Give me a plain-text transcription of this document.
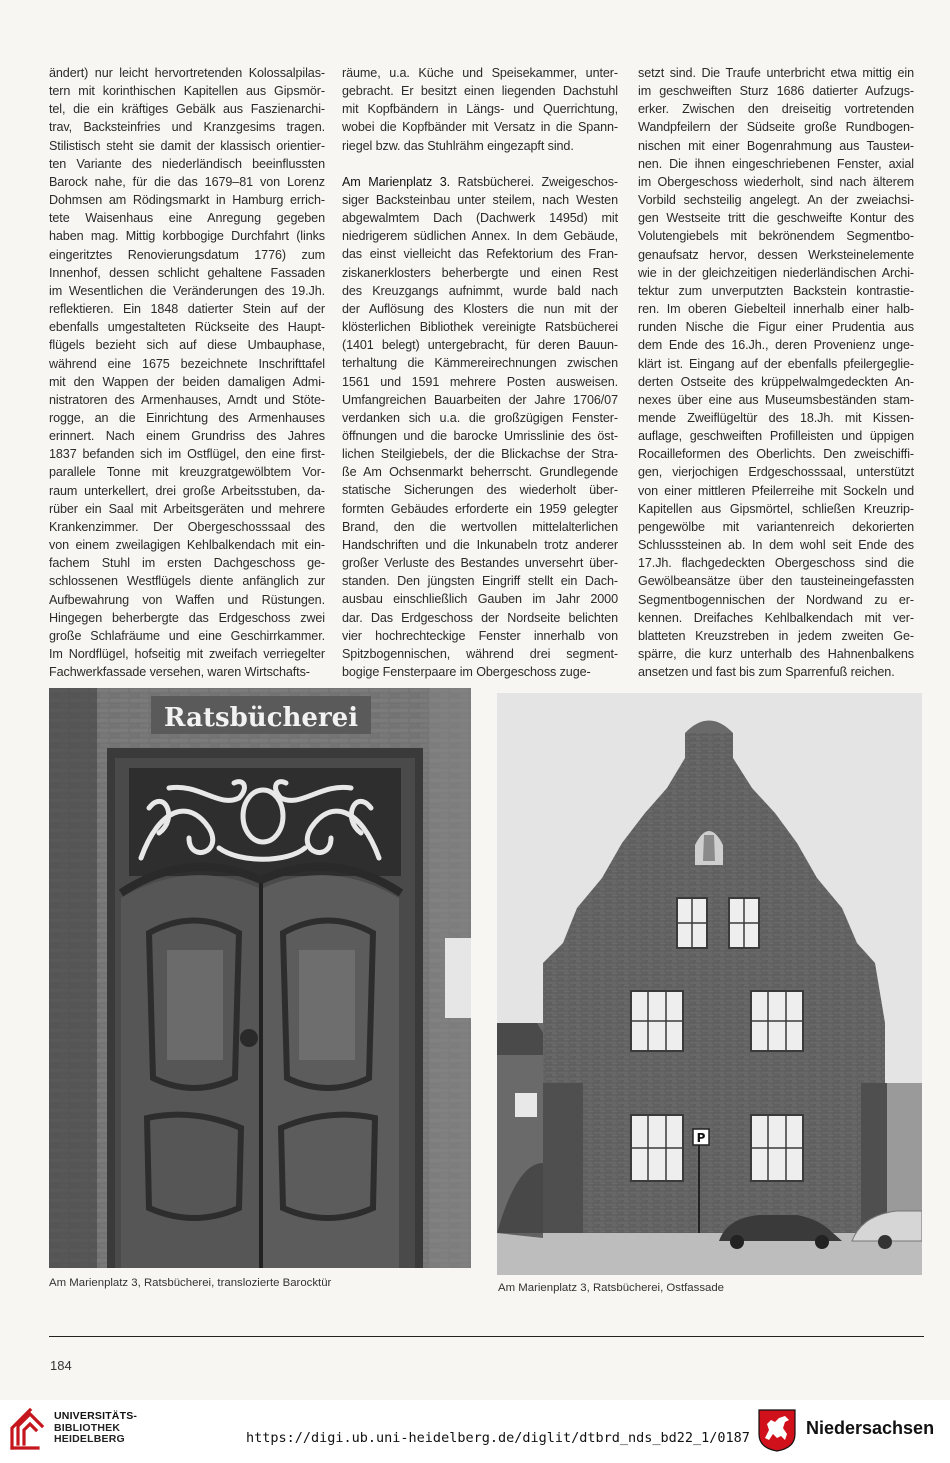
ändert) nur leicht hervortretenden Kolossalpilas-

tern mit korinthischen Kapitellen aus Gipsmör-

tel, die ein kräftiges Gebälk aus Faszienarchi-

trav, Backsteinfries und Kranzgesims tragen.

Stilistisch steht sie damit der klassisch orientier-

ten Variante des niederländisch beeinflussten

Barock nahe, für die das 1679–81 von Lorenz

Dohmsen am Rödingsmarkt in Hamburg errich-

tete Waisenhaus eine Anregung gegeben

haben mag. Mittig korbbogige Durchfahrt (links

eingeritztes Renovierungsdatum 1776) zum

Innenhof, dessen schlicht gehaltene Fassaden

im Wesentlichen die Veränderungen des 19.Jh.

reflektieren. Ein 1848 datierter Stein auf der

ebenfalls umgestalteten Rückseite des Haupt-

flügels bezieht sich auf diese Umbauphase,

während eine 1675 bezeichnete Inschrifttafel

mit den Wappen der beiden damaligen Admi-

nistratoren des Armenhauses, Arndt und Stöte-

rogge, an die Einrichtung des Armenhauses

erinnert. Nach einem Grundriss des Jahres

1837 befanden sich im Ostflügel, den eine first-

parallele Tonne mit kreuzgratgewölbtem Vor-

raum unterkellert, drei große Arbeitsstuben, da-

rüber ein Saal mit Arbeitsgeräten und mehrere

Krankenzimmer. Der Obergeschosssaal des

von einem zweilagigen Kehlbalkendach mit ein-

fachem Stuhl im ersten Dachgeschoss ge-

schlossenen Westflügels diente anfänglich zur

Aufbewahrung von Waffen und Rüstungen.

Hingegen beherbergte das Erdgeschoss zwei

große Schlafräume und eine Geschirrkammer.

Im Nordflügel, hofseitig mit zweifach verriegelter

Fachwerkfassade versehen, waren Wirtschafts-

räume, u.a. Küche und Speisekammer, unter-

gebracht. Er besitzt einen liegenden Dachstuhl

mit Kopfbändern in Längs- und Querrichtung,

wobei die Kopfbänder mit Versatz in die Spann-

riegel bzw. das Stuhlrähm eingezapft sind.

Am Marienplatz 3. Ratsbücherei. Zweigeschos-

siger Backsteinbau unter steilem, nach Westen

abgewalmtem Dach (Dachwerk 1495d) mit

niedrigerem südlichen Annex. In dem Gebäude,

das einst vielleicht das Refektorium des Fran-

ziskanerklosters beherbergte und einen Rest

des Kreuzgangs aufnimmt, wurde bald nach

der Auflösung des Klosters die nun mit der

klösterlichen Bibliothek vereinigte Ratsbücherei

(1401 belegt) untergebracht, für deren Bauun-

terhaltung die Kämmereirechnungen zwischen

1561 und 1591 mehrere Posten ausweisen.

Umfangreichen Bauarbeiten der Jahre 1706/07

verdanken sich u.a. die großzügigen Fenster-

öffnungen und die barocke Umrisslinie des öst-

lichen Steilgiebels, der die Blickachse der Stra-

ße Am Ochsenmarkt beherrscht. Grundlegende

statische Sicherungen des wiederholt über-

formten Gebäudes erforderte ein 1959 gelegter

Brand, den die wertvollen mittelalterlichen

Handschriften und die Inkunabeln trotz anderer

großer Verluste des Bestandes unversehrt über-

standen. Den jüngsten Eingriff stellt ein Dach-

ausbau einschließlich Gauben im Jahr 2000

dar. Das Erdgeschoss der Nordseite belichten

vier hochrechteckige Fenster innerhalb von

Spitzbogennischen, während drei segment-

bogige Fensterpaare im Obergeschoss zuge-

setzt sind. Die Traufe unterbricht etwa mittig ein

im geschweiften Sturz 1686 datierter Aufzugs-

erker. Zwischen den dreiseitig vortretenden

Wandpfeilern der Südseite große Rundbogen-

nischen mit einer Bogenrahmung aus Tausteи-

nen. Die ihnen eingeschriebenen Fenster, axial

im Obergeschoss wiederholt, sind nach älterem

Vorbild sechsteilig angelegt. An der zweiachsi-

gen Westseite tritt die geschweifte Kontur des

Volutengiebels mit bekrönendem Segmentbo-

genaufsatz hervor, dessen Werksteinelemente

wie in der gleichzeitigen niederländischen Archi-

tektur zum unverputzten Backstein kontrastie-

ren. Im oberen Giebelteil innerhalb einer halb-

runden Nische die Figur einer Prudentia aus

dem Ende des 16.Jh., deren Provenienz unge-

klärt ist. Eingang auf der ebenfalls pfeilergeglie-

derten Ostseite des krüppelwalmgedeckten An-

nexes über eine aus Museumsbeständen stam-

mende Zweiflügeltür des 18.Jh. mit Kissen-

auflage, geschweiften Profilleisten und üppigen

Rocailleformen des Oberlichts. Den zweischiffi-

gen, vierjochigen Erdgeschosssaal, unterstützt

von einer mittleren Pfeilerreihe mit Sockeln und

Kapitellen aus Gipsmörtel, schließen Kreuzrip-

pengewölbe mit variantenreich dekorierten

Schlusssteinen ab. In dem wohl seit Ende des

17.Jh. flachgedeckten Obergeschoss sind die

Gewölbeansätze über den tausteineingefassten

Segmentbogennischen der Nordwand zu er-

kennen. Dreifaches Kehlbalkendach mit ver-

blatteten Kreuzstreben in jedem zweiten Ge-

spärre, die kurz unterhalb des Hahnenbalkens

ansetzen und fast bis zum Sparrenfuß reichen.

Ratsbücherei
P
Am Marienplatz 3, Ratsbücherei, translozierte Barocktür	Am Marienplatz 3, Ratsbücherei, Ostfassade
184
UNIVERSITÄTS-
BIBLIOTHEK
HEIDELBERG	https://digi.ub.uni-heidelberg.de/diglit/dtbrd_nds_bd22_1/0187	Niedersachsen
